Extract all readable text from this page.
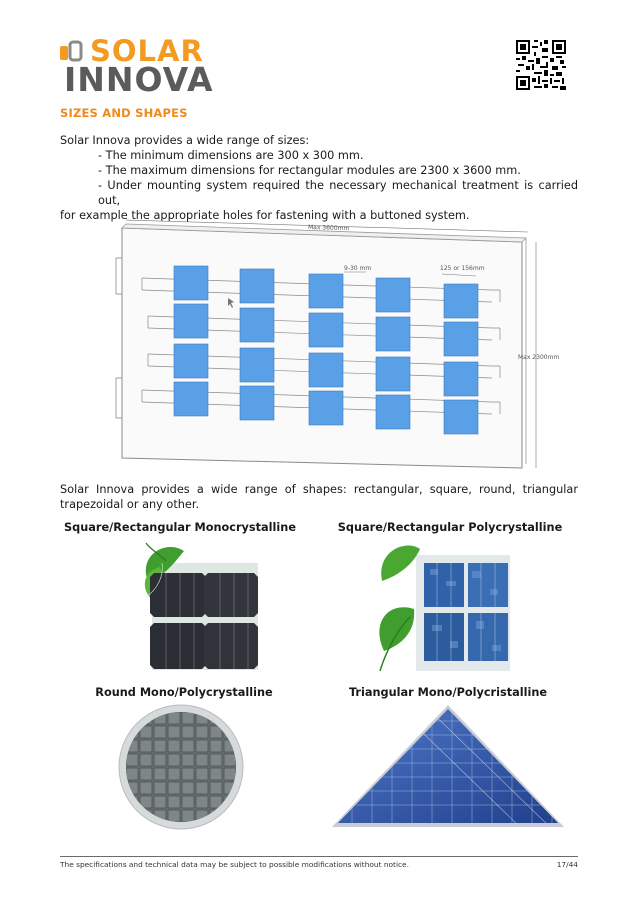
SOLAR
INNOVA
SIZES AND SHAPES
Solar Innova provides a wide range of sizes:
- The minimum dimensions are 300 x 300 mm.
- The maximum dimensions for rectangular modules are 2300 x 3600 mm.
- Under mounting system required the necessary mechanical treatment is carried out,
for example the appropriate holes for fastening with a buttoned system.
Max 3600mm
Max 2300mm
9-30 mm	125 or 156mm
Solar Innova provides a wide range of shapes: rectangular, square, round, triangular
trapezoidal or any other.
Square/Rectangular Monocrystalline	Square/Rectangular Polycrystalline
Round Mono/Polycrystalline	Triangular Mono/Polycristalline
The specifications and technical data may be subject to possible modifications without notice.	17/44
